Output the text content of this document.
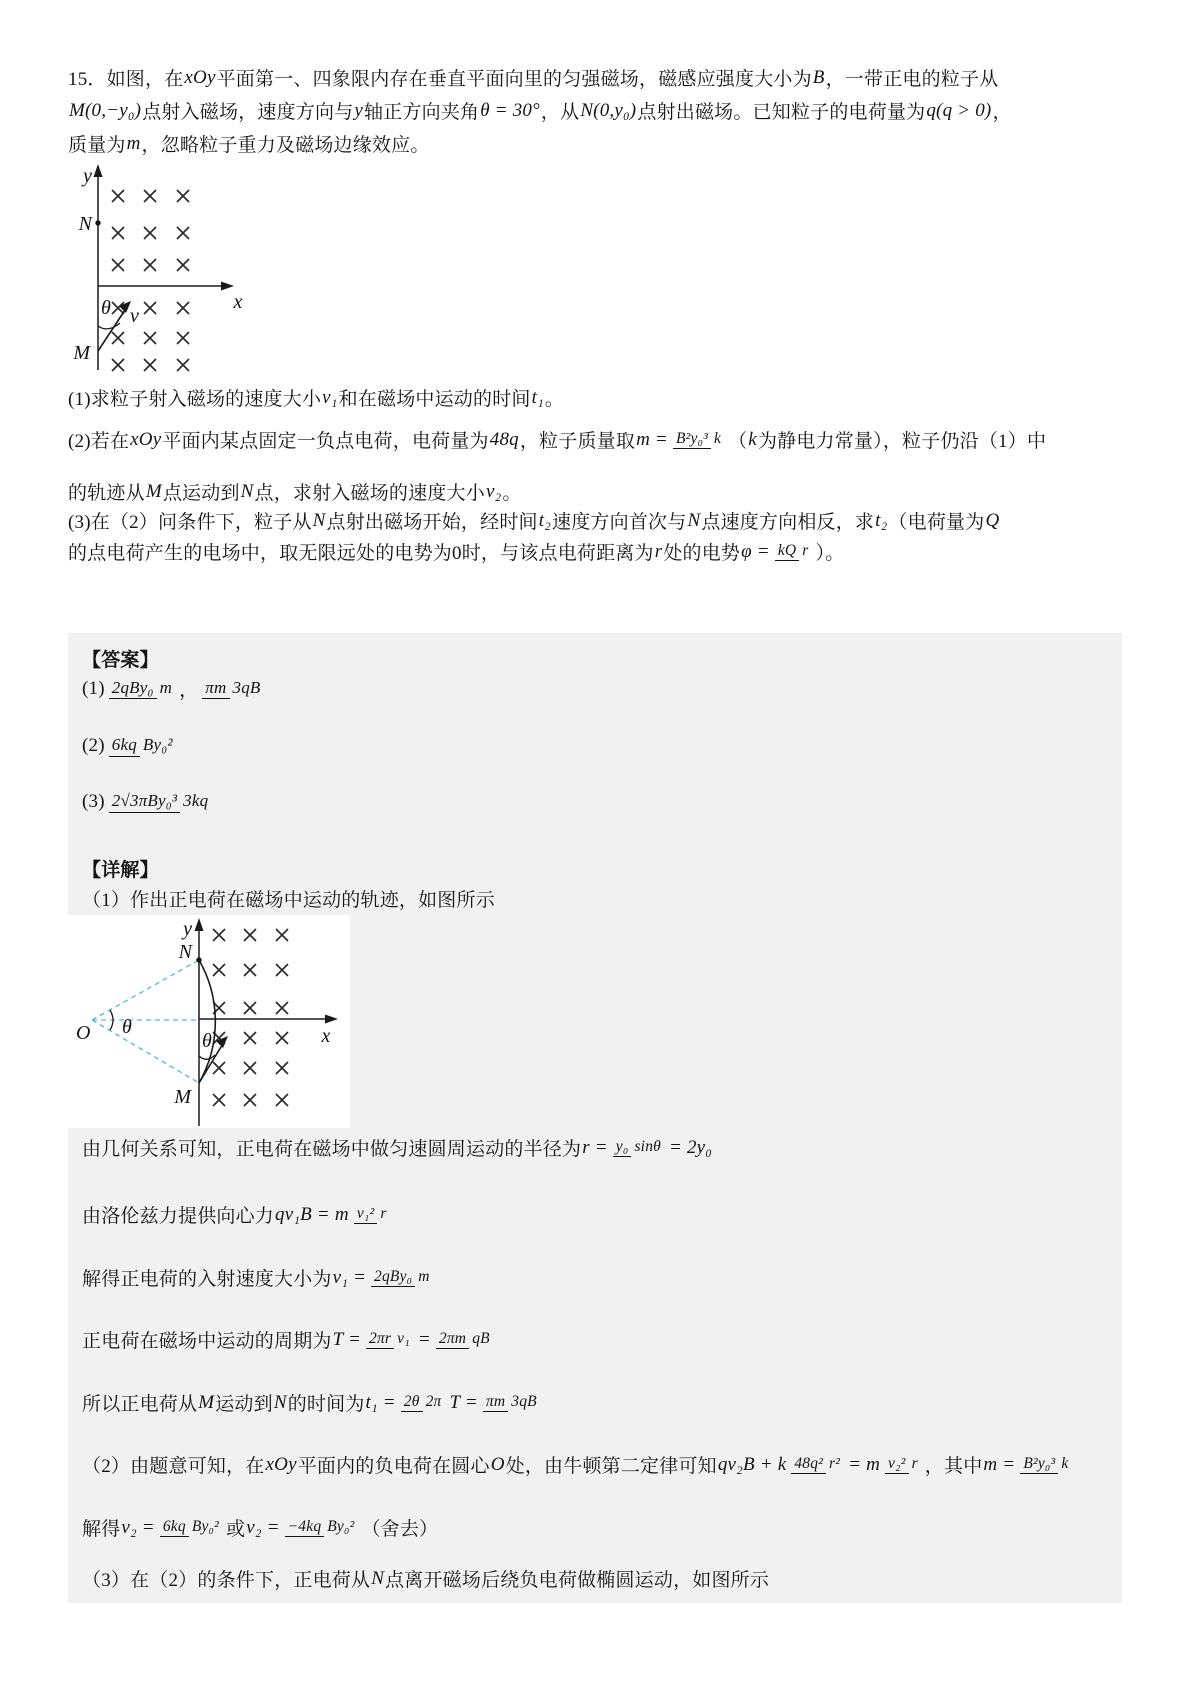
15．如图，在 xOy 平面第一、四象限内存在垂直平面向里的匀强磁场，磁感应强度大小为 B ，一带正电的粒子从
M(0,−y₀) 点射入磁场，速度方向与 y 轴正方向夹角 θ = 30° ，从 N(0,y₀) 点射出磁场。已知粒子的电荷量为 q(q > 0) ，
质量为 m ，忽略粒子重力及磁场边缘效应。
y
x
N
M
θ v
(1)求粒子射入磁场的速度大小 v₁ 和在磁场中运动的时间 t₁ 。
(2)若在 xOy 平面内某点固定一负点电荷，电荷量为 48q ，粒子质量取 m = B²y₀³ k （ k 为静电力常量），粒子仍沿（1）中
的轨迹从 M 点运动到 N 点，求射入磁场的速度大小 v₂ 。
(3)在（2）问条件下，粒子从 N 点射出磁场开始，经时间 t₂ 速度方向首次与 N 点速度方向相反，求 t₂ （电荷量为 Q
的点电荷产生的电场中，取无限远处的电势为0时，与该点电荷距离为 r 处的电势 φ = kQ r ）。
【答案】
(1) 2qBy₀ m ， πm 3qB
(2) 6kq By₀²
(3) 2√3πBy₀³ 3kq
【详解】
（1）作出正电荷在磁场中运动的轨迹，如图所示
y
x
N
M
O θ
θ
由几何关系可知，正电荷在磁场中做匀速圆周运动的半径为 r = y₀ sinθ = 2y₀
由洛伦兹力提供向心力 qv₁B = m v₁² r
解得正电荷的入射速度大小为 v₁ = 2qBy₀ m
正电荷在磁场中运动的周期为 T = 2πr v₁ = 2πm qB
所以正电荷从 M 运动到 N 的时间为 t₁ = 2θ 2π T = πm 3qB
（2）由题意可知，在 xOy 平面内的负电荷在圆心 O 处，由牛顿第二定律可知 qv₂B + k 48q² r² = m v₂² r ，其中 m = B²y₀³ k
解得 v₂ = 6kq By₀² 或 v₂ = −4kq By₀² （舍去）
（3）在（2）的条件下，正电荷从 N 点离开磁场后绕负电荷做椭圆运动，如图所示
